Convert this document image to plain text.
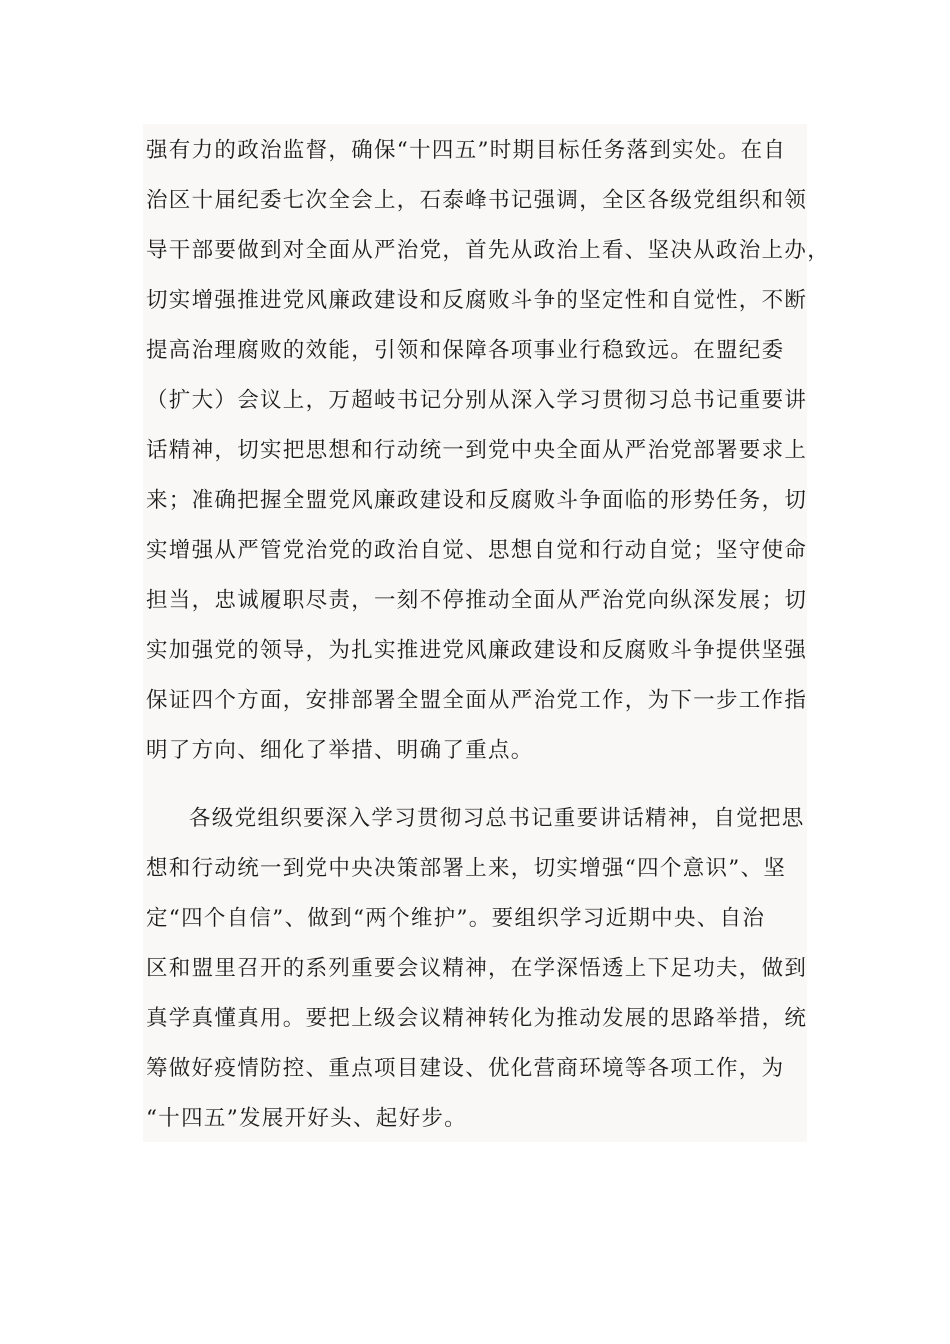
强有力的政治监督，确保“十四五”时期目标任务落到实处。在自
治区十届纪委七次全会上，石泰峰书记强调，全区各级党组织和领
导干部要做到对全面从严治党，首先从政治上看、坚决从政治上办，
切实增强推进党风廉政建设和反腐败斗争的坚定性和自觉性，不断
提高治理腐败的效能，引领和保障各项事业行稳致远。在盟纪委
（扩大）会议上，万超岐书记分别从深入学习贯彻习总书记重要讲
话精神，切实把思想和行动统一到党中央全面从严治党部署要求上
来；准确把握全盟党风廉政建设和反腐败斗争面临的形势任务，切
实增强从严管党治党的政治自觉、思想自觉和行动自觉；坚守使命
担当，忠诚履职尽责，一刻不停推动全面从严治党向纵深发展；切
实加强党的领导，为扎实推进党风廉政建设和反腐败斗争提供坚强
保证四个方面，安排部署全盟全面从严治党工作，为下一步工作指
明了方向、细化了举措、明确了重点。
各级党组织要深入学习贯彻习总书记重要讲话精神，自觉把思
想和行动统一到党中央决策部署上来，切实增强“四个意识”、坚
定“四个自信”、做到“两个维护”。要组织学习近期中央、自治
区和盟里召开的系列重要会议精神，在学深悟透上下足功夫，做到
真学真懂真用。要把上级会议精神转化为推动发展的思路举措，统
筹做好疫情防控、重点项目建设、优化营商环境等各项工作，为
“十四五”发展开好头、起好步。
